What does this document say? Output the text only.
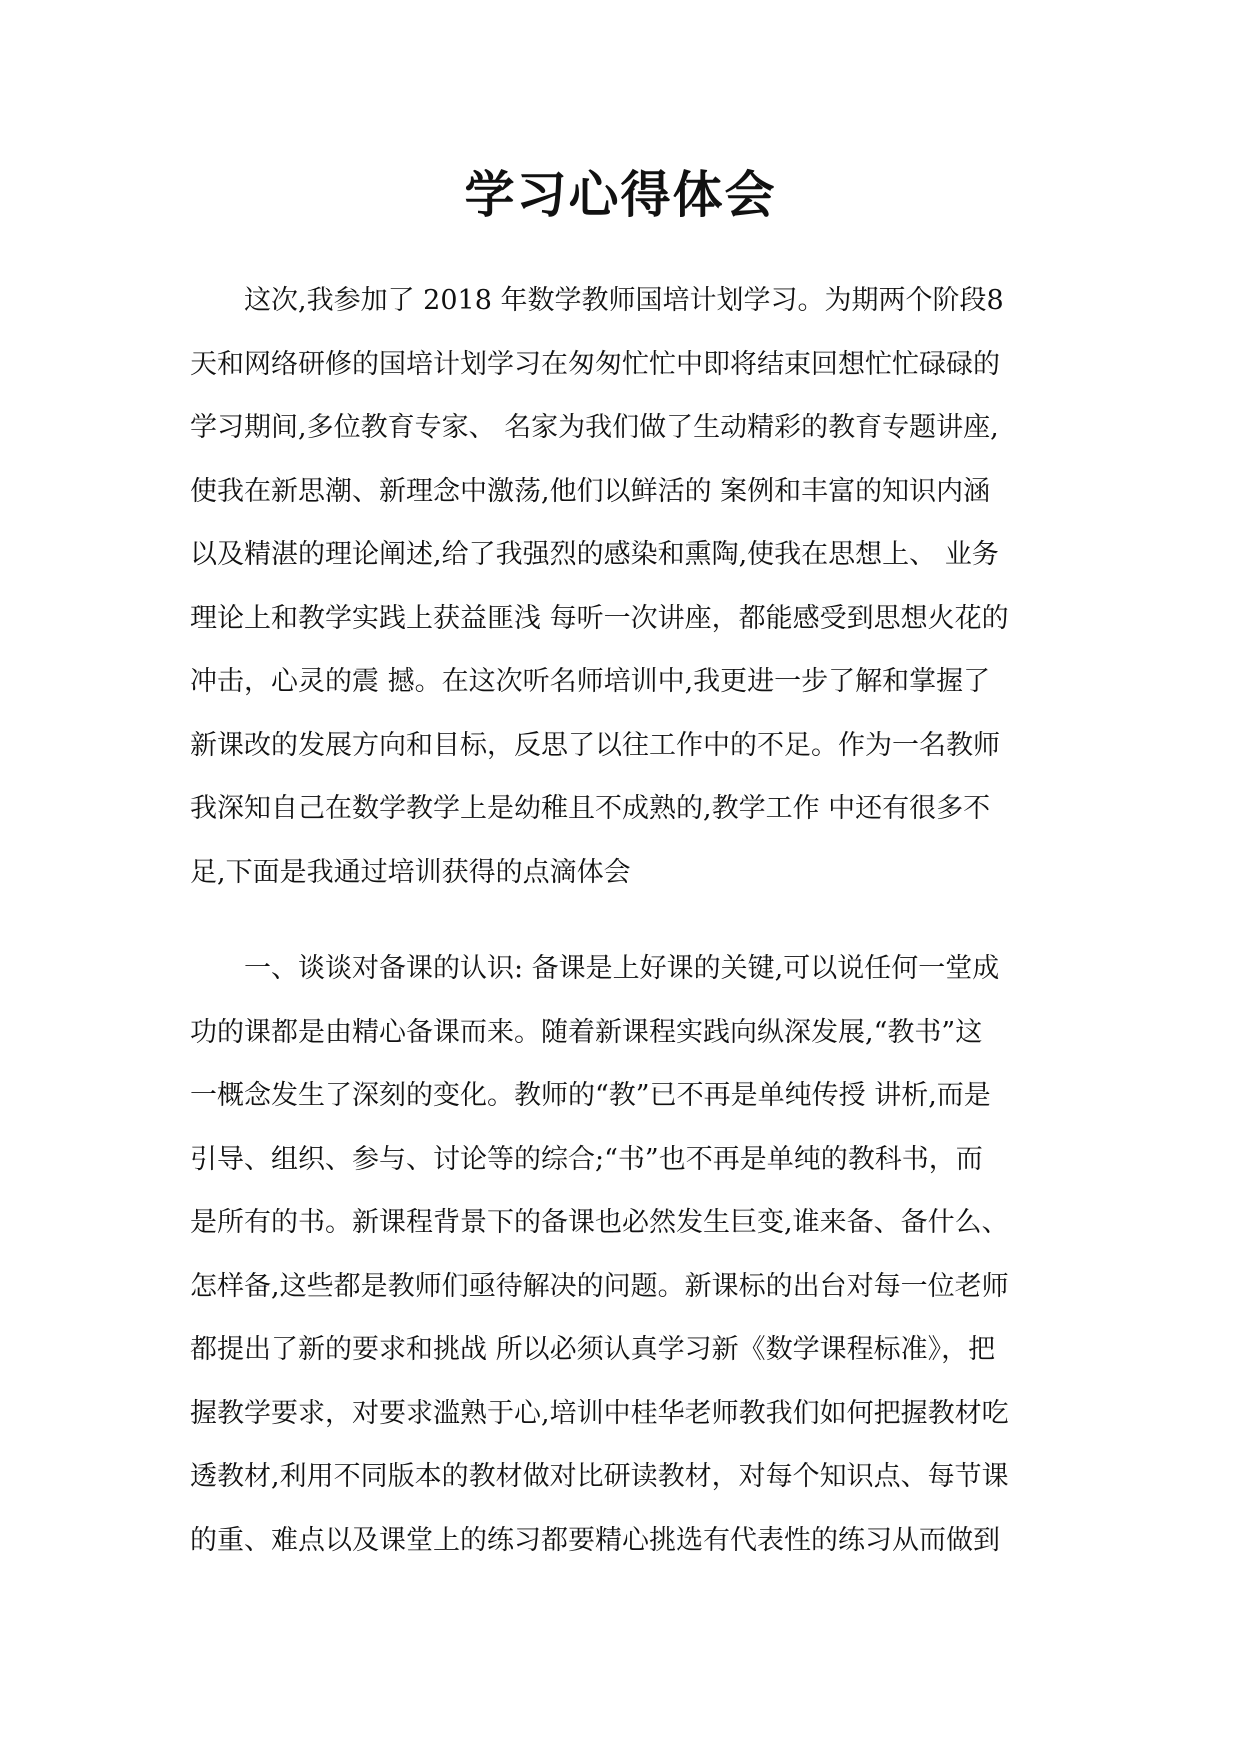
学习心得体会
这次,我参加了 2018 年数学教师国培计划学习。为期两个阶段8
天和网络研修的国培计划学习在匆匆忙忙中即将结束回想忙忙碌碌的
学习期间,多位教育专家、 名家为我们做了生动精彩的教育专题讲座,
使我在新思潮、新理念中激荡,他们以鲜活的 案例和丰富的知识内涵
以及精湛的理论阐述,给了我强烈的感染和熏陶,使我在思想上、 业务
理论上和教学实践上获益匪浅 每听一次讲座，都能感受到思想火花的
冲击，心灵的震 撼。在这次听名师培训中,我更进一步了解和掌握了
新课改的发展方向和目标，反思了以往工作中的不足。作为一名教师
我深知自己在数学教学上是幼稚且不成熟的,教学工作 中还有很多不
足,下面是我通过培训获得的点滴体会
一、谈谈对备课的认识: 备课是上好课的关键,可以说任何一堂成
功的课都是由精心备课而来。随着新课程实践向纵深发展,“教书”这
一概念发生了深刻的变化。教师的“教”已不再是单纯传授 讲析,而是
引导、组织、参与、讨论等的综合;“书”也不再是单纯的教科书，而
是所有的书。新课程背景下的备课也必然发生巨变,谁来备、备什么、
怎样备,这些都是教师们亟待解决的问题。新课标的出台对每一位老师
都提出了新的要求和挑战 所以必须认真学习新《数学课程标准》，把
握教学要求，对要求滥熟于心,培训中桂华老师教我们如何把握教材吃
透教材,利用不同版本的教材做对比研读教材，对每个知识点、每节课
的重、难点以及课堂上的练习都要精心挑选有代表性的练习从而做到
